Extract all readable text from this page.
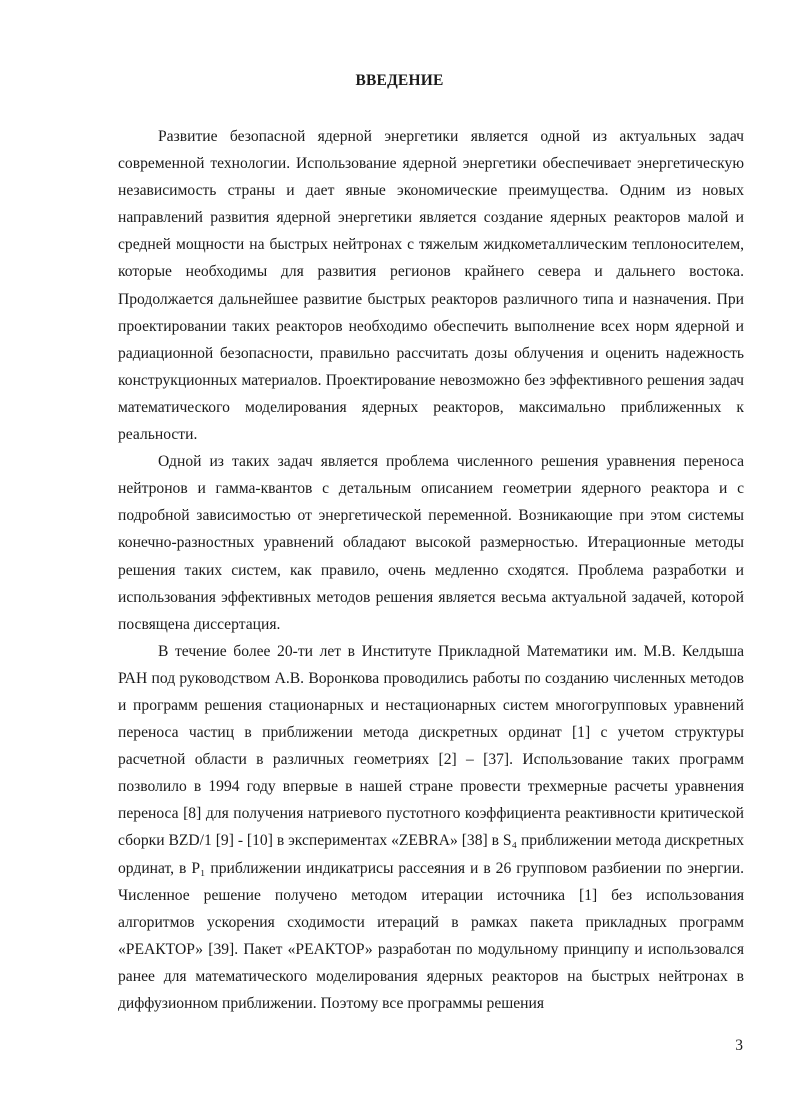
ВВЕДЕНИЕ

Развитие безопасной ядерной энергетики является одной из актуальных задач современной технологии. Использование ядерной энергетики обеспечивает энергетическую независимость страны и дает явные экономические преимущества. Одним из новых направлений развития ядерной энергетики является создание ядерных реакторов малой и средней мощности на быстрых нейтронах с тяжелым жидкометаллическим теплоносителем, которые необходимы для развития регионов крайнего севера и дальнего востока. Продолжается дальнейшее развитие быстрых реакторов различного типа и назначения. При проектировании таких реакторов необходимо обеспечить выполнение всех норм ядерной и радиационной безопасности, правильно рассчитать дозы облучения и оценить надежность конструкционных материалов. Проектирование невозможно без эффективного решения задач математического моделирования ядерных реакторов, максимально приближенных к реальности.

Одной из таких задач является проблема численного решения уравнения переноса нейтронов и гамма-квантов с детальным описанием геометрии ядерного реактора и с подробной зависимостью от энергетической переменной. Возникающие при этом системы конечно-разностных уравнений обладают высокой размерностью. Итерационные методы решения таких систем, как правило, очень медленно сходятся. Проблема разработки и использования эффективных методов решения является весьма актуальной задачей, которой посвящена диссертация.

В течение более 20-ти лет в Институте Прикладной Математики им. М.В. Келдыша РАН под руководством А.В. Воронкова проводились работы по созданию численных методов и программ решения стационарных и нестационарных систем многогрупповых уравнений переноса частиц в приближении метода дискретных ординат [1] с учетом структуры расчетной области в различных геометриях [2] – [37]. Использование таких программ позволило в 1994 году впервые в нашей стране провести трехмерные расчеты уравнения переноса [8] для получения натриевого пустотного коэффициента реактивности критической сборки BZD/1 [9] - [10] в экспериментах «ZEBRA» [38] в S₄ приближении метода дискретных ординат, в P₁ приближении индикатрисы рассеяния и в 26 групповом разбиении по энергии. Численное решение получено методом итерации источника [1] без использования алгоритмов ускорения сходимости итераций в рамках пакета прикладных программ «РЕАКТОР» [39]. Пакет «РЕАКТОР» разработан по модульному принципу и использовался ранее для математического моделирования ядерных реакторов на быстрых нейтронах в диффузионном приближении. Поэтому все программы решения

3
